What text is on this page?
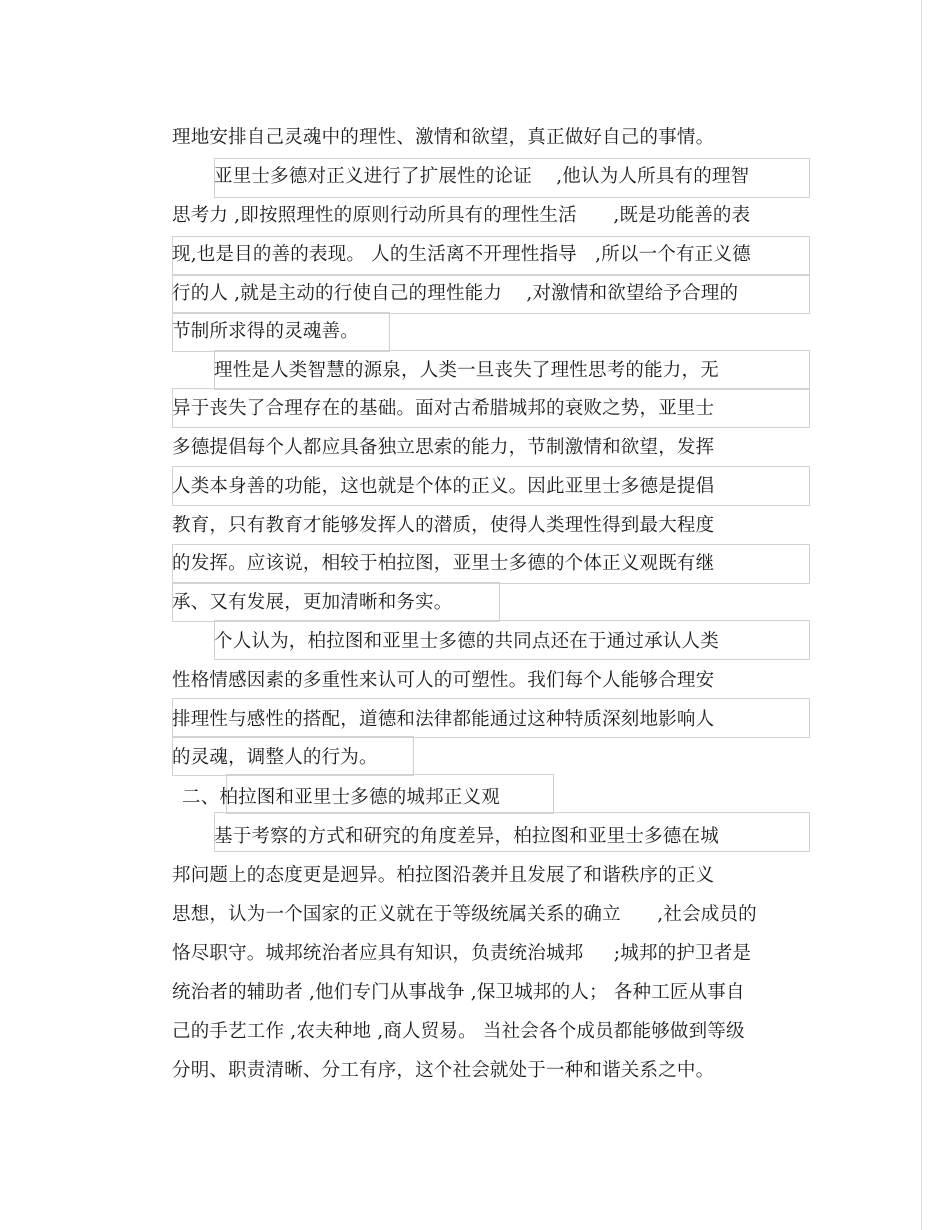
理地安排自己灵魂中的理性、激情和欲望，真正做好自己的事情。
亚里士多德对正义进行了扩展性的论证    ,他认为人所具有的理智
思考力 ,即按照理性的原则行动所具有的理性生活      ,既是功能善的表
现,也是目的善的表现。 人的生活离不开理性指导   ,所以一个有正义德
行的人 ,就是主动的行使自己的理性能力    ,对激情和欲望给予合理的
节制所求得的灵魂善。
理性是人类智慧的源泉，人类一旦丧失了理性思考的能力，无
异于丧失了合理存在的基础。面对古希腊城邦的衰败之势，亚里士
多德提倡每个人都应具备独立思索的能力，节制激情和欲望，发挥
人类本身善的功能，这也就是个体的正义。因此亚里士多德是提倡
教育，只有教育才能够发挥人的潜质，使得人类理性得到最大程度
的发挥。应该说，相较于柏拉图，亚里士多德的个体正义观既有继
承、又有发展，更加清晰和务实。
个人认为，柏拉图和亚里士多德的共同点还在于通过承认人类
性格情感因素的多重性来认可人的可塑性。我们每个人能够合理安
排理性与感性的搭配，道德和法律都能通过这种特质深刻地影响人
的灵魂，调整人的行为。
二、柏拉图和亚里士多德的城邦正义观
基于考察的方式和研究的角度差异，柏拉图和亚里士多德在城
邦问题上的态度更是迥异。柏拉图沿袭并且发展了和谐秩序的正义
思想，认为一个国家的正义就在于等级统属关系的确立      ,社会成员的
恪尽职守。城邦统治者应具有知识，负责统治城邦     ;城邦的护卫者是
统治者的辅助者 ,他们专门从事战争 ,保卫城邦的人； 各种工匠从事自
己的手艺工作 ,农夫种地 ,商人贸易。 当社会各个成员都能够做到等级
分明、职责清晰、分工有序，这个社会就处于一种和谐关系之中。
